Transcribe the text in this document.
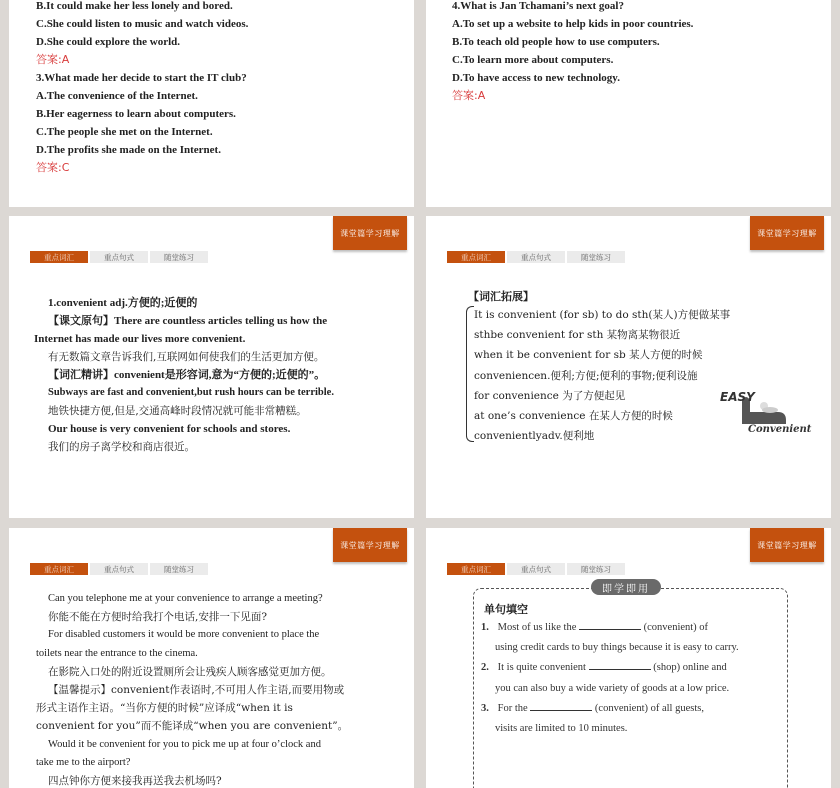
B.It could make her less lonely and bored.
C.She could listen to music and watch videos.
D.She could explore the world.
答案:A
3.What made her decide to start the IT club?
A.The convenience of the Internet.
B.Her eagerness to learn about computers.
C.The people she met on the Internet.
D.The profits she made on the Internet.
答案:C
4.What is Jan Tchamani’s next goal?
A.To set up a website to help kids in poor countries.
B.To teach old people how to use computers.
C.To learn more about computers.
D.To have access to new technology.
答案:A
课堂篇学习理解
重点词汇	重点句式	随堂练习
1.convenient adj.方便的;近便的
【课文原句】There are countless articles telling us how the
Internet has made our lives more convenient.
有无数篇文章告诉我们,互联网如何使我们的生活更加方便。
【词汇精讲】convenient是形容词,意为“方便的;近便的”。
Subways are fast and convenient,but rush hours can be terrible.
地铁快捷方便,但是,交通高峰时段情况就可能非常糟糕。
Our house is very convenient for schools and stores.
我们的房子离学校和商店很近。
课堂篇学习理解
重点词汇	重点句式	随堂练习
【词汇拓展】
It is convenient (for sb) to do sth(某人)方便做某事
sthbe convenient for sth 某物离某物很近
when it be convenient for sb 某人方便的时候
conveniencen.便利;方便;便利的事物;便利设施
for convenience 为了方便起见
at one’s convenience 在某人方便的时候
convenientlyadv.便利地
EASY
Convenient
课堂篇学习理解
重点词汇	重点句式	随堂练习
Can you telephone me at your convenience to arrange a meeting?
你能不能在方便时给我打个电话,安排一下见面?
For disabled customers it would be more convenient to place the
toilets near the entrance to the cinema.
在影院入口处的附近设置厕所会让残疾人顾客感觉更加方便。
【温馨提示】convenient作表语时,不可用人作主语,而要用物或
形式主语作主语。“当你方便的时候”应译成“when it is
convenient for you”而不能译成“when you are convenient”。
Would it be convenient for you to pick me up at four o’clock and
take me to the airport?
四点钟你方便来接我再送我去机场吗?
课堂篇学习理解
重点词汇	重点句式	随堂练习
即学即用
单句填空
1. Most of us like the	(convenient) of
using credit cards to buy things because it is easy to carry.
2. It is quite convenient	(shop) online and
you can also buy a wide variety of goods at a low price.
3. For the	(convenient) of all guests,
visits are limited to 10 minutes.
